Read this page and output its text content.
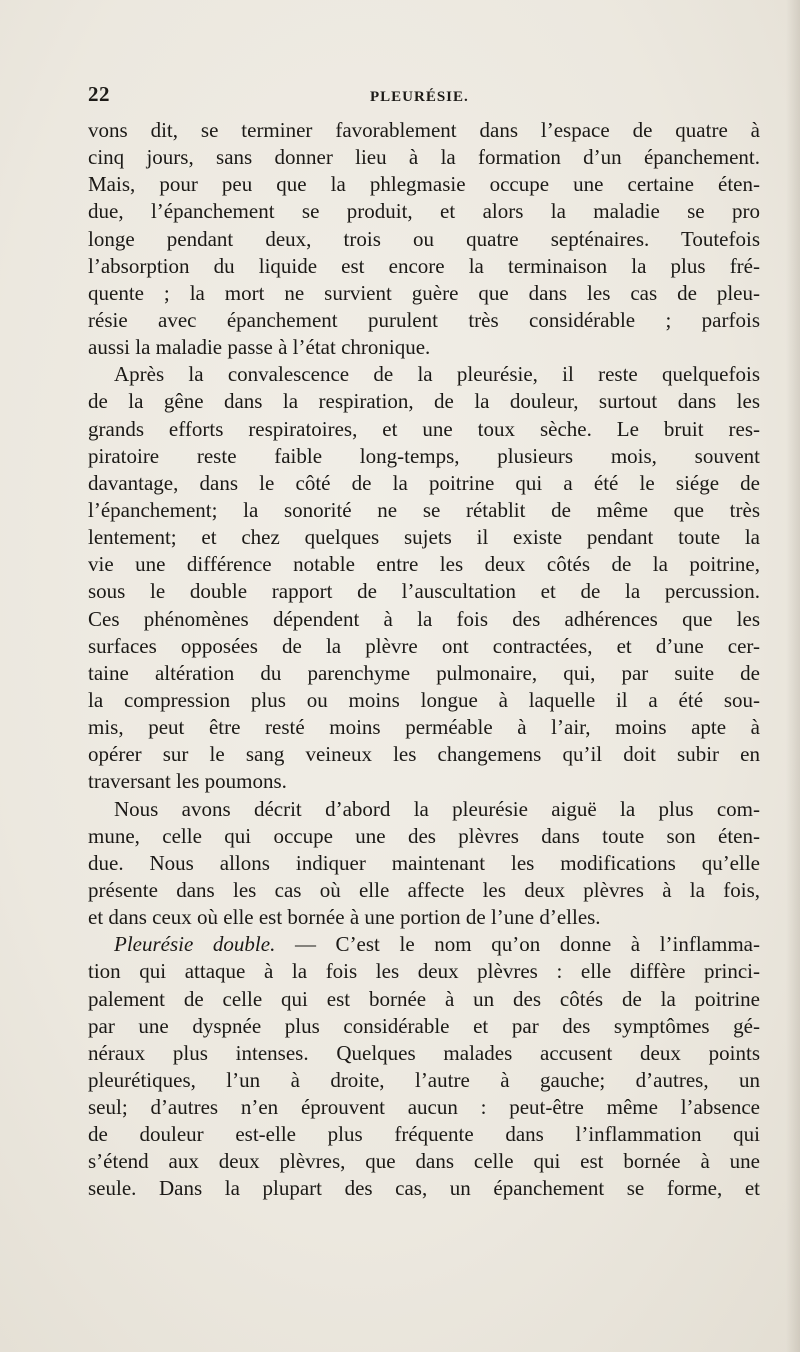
22	PLEURÉSIE.
vons dit, se terminer favorablement dans l’espace de quatre à
cinq jours, sans donner lieu à la formation d’un épanchement.
Mais, pour peu que la phlegmasie occupe une certaine éten-
due, l’épanchement se produit, et alors la maladie se pro
longe pendant deux, trois ou quatre septénaires. Toutefois
l’absorption du liquide est encore la terminaison la plus fré-
quente ; la mort ne survient guère que dans les cas de pleu-
résie avec épanchement purulent très considérable ; parfois
aussi la maladie passe à l’état chronique.
Après la convalescence de la pleurésie, il reste quelquefois
de la gêne dans la respiration, de la douleur, surtout dans les
grands efforts respiratoires, et une toux sèche. Le bruit res-
piratoire reste faible long-temps, plusieurs mois, souvent
davantage, dans le côté de la poitrine qui a été le siége de
l’épanchement; la sonorité ne se rétablit de même que très
lentement; et chez quelques sujets il existe pendant toute la
vie une différence notable entre les deux côtés de la poitrine,
sous le double rapport de l’auscultation et de la percussion.
Ces phénomènes dépendent à la fois des adhérences que les
surfaces opposées de la plèvre ont contractées, et d’une cer-
taine altération du parenchyme pulmonaire, qui, par suite de
la compression plus ou moins longue à laquelle il a été sou-
mis, peut être resté moins perméable à l’air, moins apte à
opérer sur le sang veineux les changemens qu’il doit subir en
traversant les poumons.
Nous avons décrit d’abord la pleurésie aiguë la plus com-
mune, celle qui occupe une des plèvres dans toute son éten-
due. Nous allons indiquer maintenant les modifications qu’elle
présente dans les cas où elle affecte les deux plèvres à la fois,
et dans ceux où elle est bornée à une portion de l’une d’elles.
Pleurésie double. — C’est le nom qu’on donne à l’inflamma-
tion qui attaque à la fois les deux plèvres : elle diffère princi-
palement de celle qui est bornée à un des côtés de la poitrine
par une dyspnée plus considérable et par des symptômes gé-
néraux plus intenses. Quelques malades accusent deux points
pleurétiques, l’un à droite, l’autre à gauche; d’autres, un
seul; d’autres n’en éprouvent aucun : peut-être même l’absence
de douleur est-elle plus fréquente dans l’inflammation qui
s’étend aux deux plèvres, que dans celle qui est bornée à une
seule. Dans la plupart des cas, un épanchement se forme, et
